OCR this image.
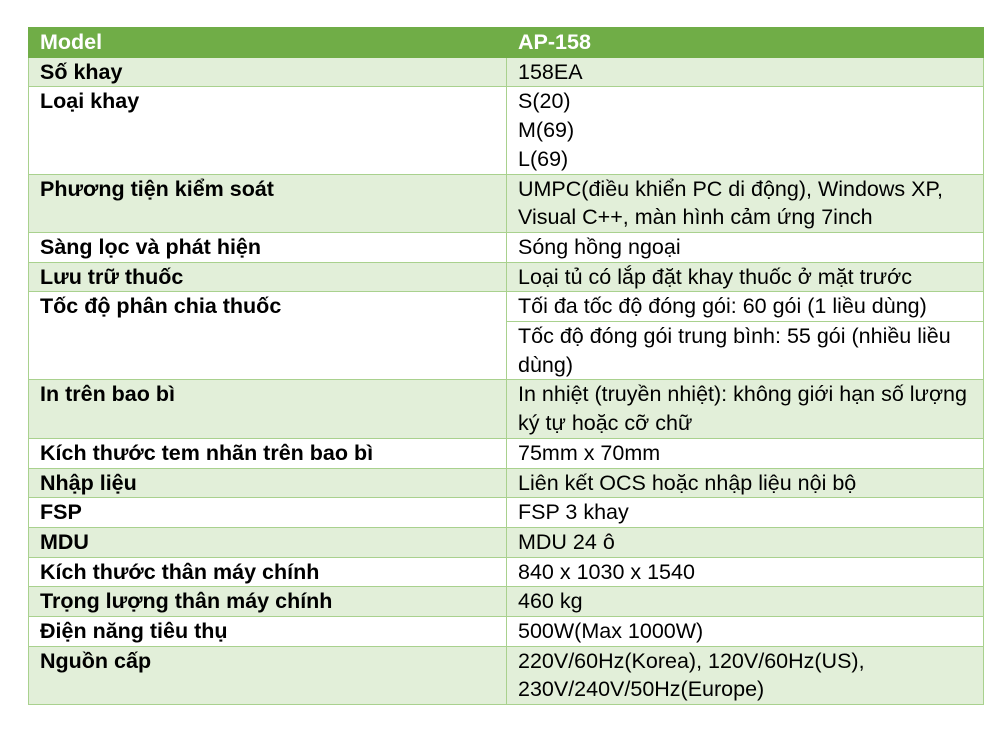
Model	AP-158
Số khay	158EA
Loại khay	S(20)
M(69)
L(69)
Phương tiện kiểm soát	UMPC(điều khiển PC di động), Windows XP, Visual C++, màn hình cảm ứng 7inch
Sàng lọc và phát hiện	Sóng hồng ngoại
Lưu trữ thuốc	Loại tủ có lắp đặt khay thuốc ở mặt trước
Tốc độ phân chia thuốc	Tối đa tốc độ đóng gói: 60 gói (1 liều dùng)
	Tốc độ đóng gói trung bình: 55 gói (nhiều liều dùng)
In trên bao bì	In nhiệt (truyền nhiệt): không giới hạn số lượng ký tự hoặc cỡ chữ
Kích thước tem nhãn trên bao bì	75mm x 70mm
Nhập liệu	Liên kết OCS hoặc nhập liệu nội bộ
FSP	FSP 3 khay
MDU	MDU 24 ô
Kích thước thân máy chính	840 x 1030 x 1540
Trọng lượng thân máy chính	460 kg
Điện năng tiêu thụ	500W(Max 1000W)
Nguồn cấp	220V/60Hz(Korea), 120V/60Hz(US), 230V/240V/50Hz(Europe)
